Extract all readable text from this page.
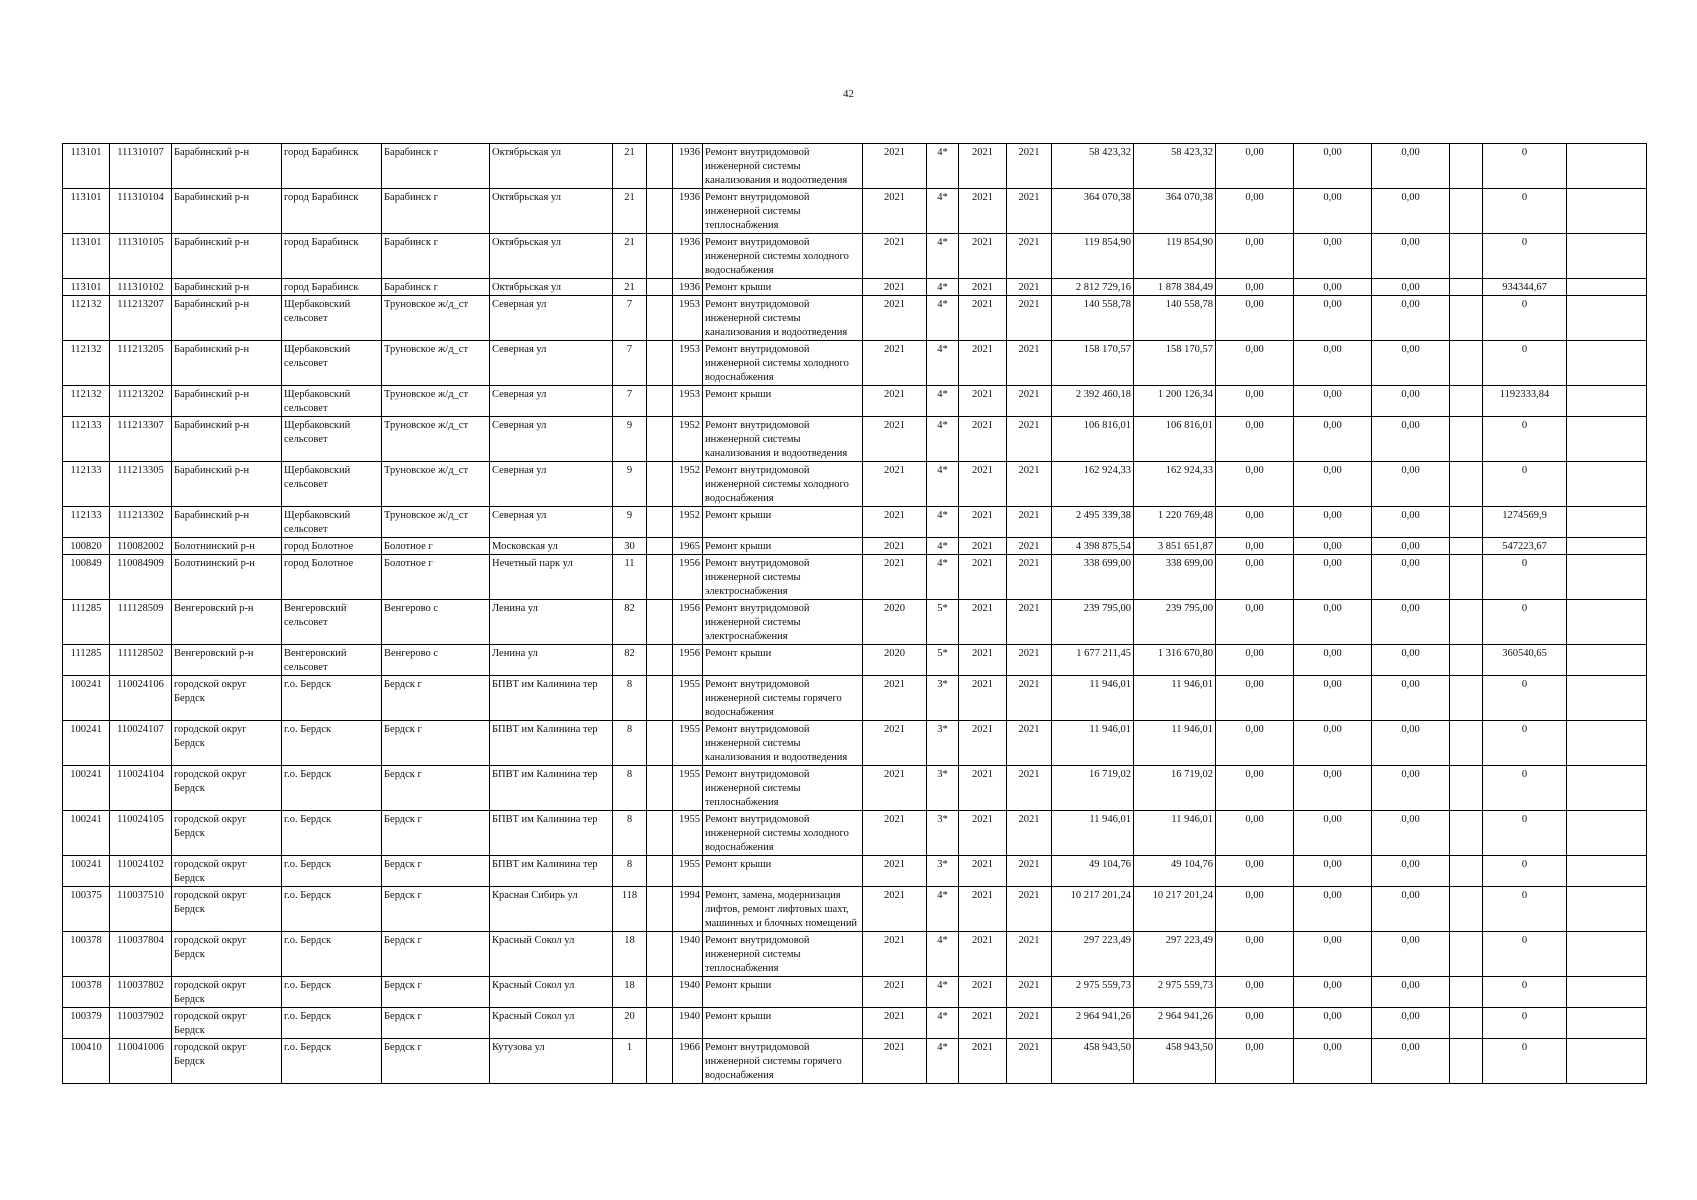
42
113101	111310107	Барабинский р-н	город Барабинск	Барабинск г	Октябрьская ул	21		1936	Ремонт внутридомовой инженерной системы канализования и водоотведения	2021	4*	2021	2021	58 423,32	58 423,32	0,00	0,00	0,00		0	
113101	111310104	Барабинский р-н	город Барабинск	Барабинск г	Октябрьская ул	21		1936	Ремонт внутридомовой инженерной системы теплоснабжения	2021	4*	2021	2021	364 070,38	364 070,38	0,00	0,00	0,00		0	
113101	111310105	Барабинский р-н	город Барабинск	Барабинск г	Октябрьская ул	21		1936	Ремонт внутридомовой инженерной системы холодного водоснабжения	2021	4*	2021	2021	119 854,90	119 854,90	0,00	0,00	0,00		0	
113101	111310102	Барабинский р-н	город Барабинск	Барабинск г	Октябрьская ул	21		1936	Ремонт крыши	2021	4*	2021	2021	2 812 729,16	1 878 384,49	0,00	0,00	0,00		934344,67	
112132	111213207	Барабинский р-н	Щербаковский сельсовет	Труновское ж/д_ст	Северная ул	7		1953	Ремонт внутридомовой инженерной системы канализования и водоотведения	2021	4*	2021	2021	140 558,78	140 558,78	0,00	0,00	0,00		0	
112132	111213205	Барабинский р-н	Щербаковский сельсовет	Труновское ж/д_ст	Северная ул	7		1953	Ремонт внутридомовой инженерной системы холодного водоснабжения	2021	4*	2021	2021	158 170,57	158 170,57	0,00	0,00	0,00		0	
112132	111213202	Барабинский р-н	Щербаковский сельсовет	Труновское ж/д_ст	Северная ул	7		1953	Ремонт крыши	2021	4*	2021	2021	2 392 460,18	1 200 126,34	0,00	0,00	0,00		1192333,84	
112133	111213307	Барабинский р-н	Щербаковский сельсовет	Труновское ж/д_ст	Северная ул	9		1952	Ремонт внутридомовой инженерной системы канализования и водоотведения	2021	4*	2021	2021	106 816,01	106 816,01	0,00	0,00	0,00		0	
112133	111213305	Барабинский р-н	Щербаковский сельсовет	Труновское ж/д_ст	Северная ул	9		1952	Ремонт внутридомовой инженерной системы холодного водоснабжения	2021	4*	2021	2021	162 924,33	162 924,33	0,00	0,00	0,00		0	
112133	111213302	Барабинский р-н	Щербаковский сельсовет	Труновское ж/д_ст	Северная ул	9		1952	Ремонт крыши	2021	4*	2021	2021	2 495 339,38	1 220 769,48	0,00	0,00	0,00		1274569,9	
100820	110082002	Болотнинский р-н	город Болотное	Болотное г	Московская ул	30		1965	Ремонт крыши	2021	4*	2021	2021	4 398 875,54	3 851 651,87	0,00	0,00	0,00		547223,67	
100849	110084909	Болотнинский р-н	город Болотное	Болотное г	Нечетный парк ул	11		1956	Ремонт внутридомовой инженерной системы электроснабжения	2021	4*	2021	2021	338 699,00	338 699,00	0,00	0,00	0,00		0	
111285	111128509	Венгеровский р-н	Венгеровский сельсовет	Венгерово с	Ленина ул	82		1956	Ремонт внутридомовой инженерной системы электроснабжения	2020	5*	2021	2021	239 795,00	239 795,00	0,00	0,00	0,00		0	
111285	111128502	Венгеровский р-н	Венгеровский сельсовет	Венгерово с	Ленина ул	82		1956	Ремонт крыши	2020	5*	2021	2021	1 677 211,45	1 316 670,80	0,00	0,00	0,00		360540,65	
100241	110024106	городской округ Бердск	г.о. Бердск	Бердск г	БПВТ им Калинина тер	8		1955	Ремонт внутридомовой инженерной системы горячего водоснабжения	2021	3*	2021	2021	11 946,01	11 946,01	0,00	0,00	0,00		0	
100241	110024107	городской округ Бердск	г.о. Бердск	Бердск г	БПВТ им Калинина тер	8		1955	Ремонт внутридомовой инженерной системы канализования и водоотведения	2021	3*	2021	2021	11 946,01	11 946,01	0,00	0,00	0,00		0	
100241	110024104	городской округ Бердск	г.о. Бердск	Бердск г	БПВТ им Калинина тер	8		1955	Ремонт внутридомовой инженерной системы теплоснабжения	2021	3*	2021	2021	16 719,02	16 719,02	0,00	0,00	0,00		0	
100241	110024105	городской округ Бердск	г.о. Бердск	Бердск г	БПВТ им Калинина тер	8		1955	Ремонт внутридомовой инженерной системы холодного водоснабжения	2021	3*	2021	2021	11 946,01	11 946,01	0,00	0,00	0,00		0	
100241	110024102	городской округ Бердск	г.о. Бердск	Бердск г	БПВТ им Калинина тер	8		1955	Ремонт крыши	2021	3*	2021	2021	49 104,76	49 104,76	0,00	0,00	0,00		0	
100375	110037510	городской округ Бердск	г.о. Бердск	Бердск г	Красная Сибирь ул	118		1994	Ремонт, замена, модернизация лифтов, ремонт лифтовых шахт, машинных и блочных помещений	2021	4*	2021	2021	10 217 201,24	10 217 201,24	0,00	0,00	0,00		0	
100378	110037804	городской округ Бердск	г.о. Бердск	Бердск г	Красный Сокол ул	18		1940	Ремонт внутридомовой инженерной системы теплоснабжения	2021	4*	2021	2021	297 223,49	297 223,49	0,00	0,00	0,00		0	
100378	110037802	городской округ Бердск	г.о. Бердск	Бердск г	Красный Сокол ул	18		1940	Ремонт крыши	2021	4*	2021	2021	2 975 559,73	2 975 559,73	0,00	0,00	0,00		0	
100379	110037902	городской округ Бердск	г.о. Бердск	Бердск г	Красный Сокол ул	20		1940	Ремонт крыши	2021	4*	2021	2021	2 964 941,26	2 964 941,26	0,00	0,00	0,00		0	
100410	110041006	городской округ Бердск	г.о. Бердск	Бердск г	Кутузова ул	1		1966	Ремонт внутридомовой инженерной системы горячего водоснабжения	2021	4*	2021	2021	458 943,50	458 943,50	0,00	0,00	0,00		0	
